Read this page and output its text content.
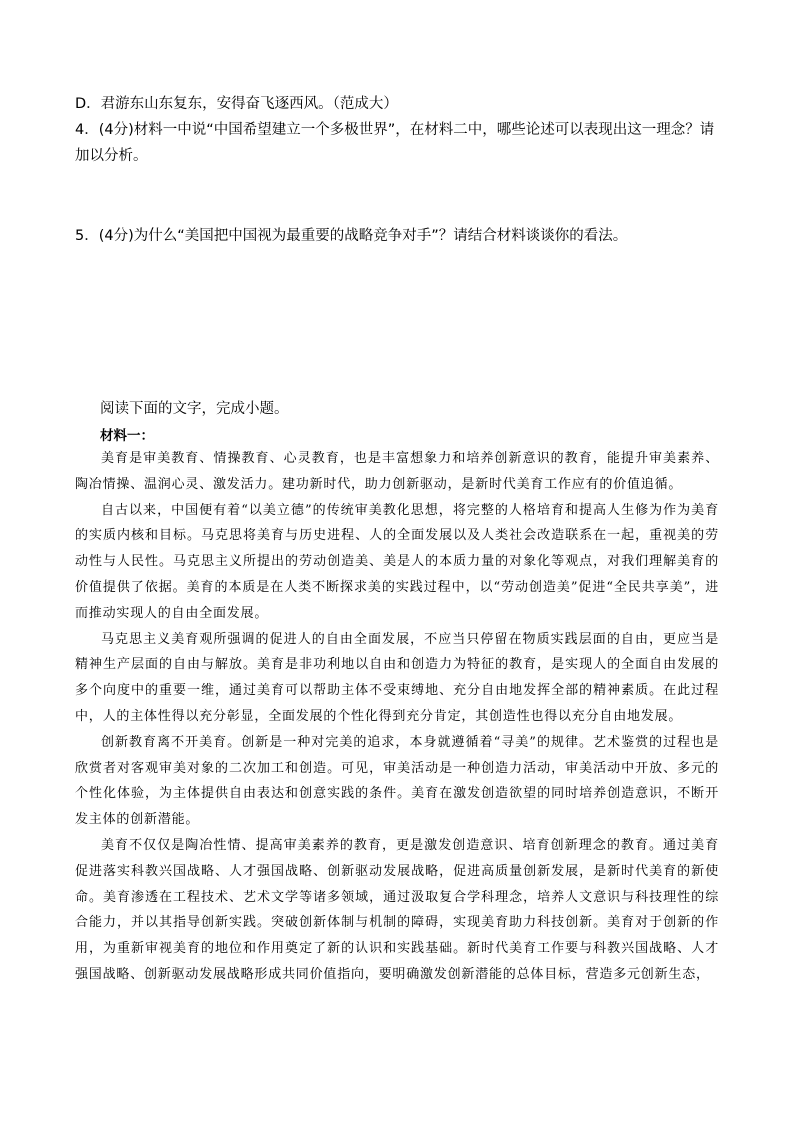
D．君游东山东复东，安得奋飞逐西风。（范成大）

4．(4分)材料一中说“中国希望建立一个多极世界”，在材料二中，哪些论述可以表现出这一理念？请加以分析。

5．(4分)为什么“美国把中国视为最重要的战略竞争对手”？请结合材料谈谈你的看法。

阅读下面的文字，完成小题。

材料一：

美育是审美教育、情操教育、心灵教育，也是丰富想象力和培养创新意识的教育，能提升审美素养、陶冶情操、温润心灵、激发活力。建功新时代，助力创新驱动，是新时代美育工作应有的价值追循。

自古以来，中国便有着“以美立德”的传统审美教化思想，将完整的人格培育和提高人生修为作为美育的实质内核和目标。马克思将美育与历史进程、人的全面发展以及人类社会改造联系在一起，重视美的劳动性与人民性。马克思主义所提出的劳动创造美、美是人的本质力量的对象化等观点，对我们理解美育的价值提供了依据。美育的本质是在人类不断探求美的实践过程中，以“劳动创造美”促进“全民共享美”，进而推动实现人的自由全面发展。

马克思主义美育观所强调的促进人的自由全面发展，不应当只停留在物质实践层面的自由，更应当是精神生产层面的自由与解放。美育是非功利地以自由和创造力为特征的教育，是实现人的全面自由发展的多个向度中的重要一维，通过美育可以帮助主体不受束缚地、充分自由地发挥全部的精神素质。在此过程中，人的主体性得以充分彰显，全面发展的个性化得到充分肯定，其创造性也得以充分自由地发展。

创新教育离不开美育。创新是一种对完美的追求，本身就遵循着“寻美”的规律。艺术鉴赏的过程也是欣赏者对客观审美对象的二次加工和创造。可见，审美活动是一种创造力活动，审美活动中开放、多元的个性化体验，为主体提供自由表达和创意实践的条件。美育在激发创造欲望的同时培养创造意识，不断开发主体的创新潜能。

美育不仅仅是陶冶性情、提高审美素养的教育，更是激发创造意识、培育创新理念的教育。通过美育促进落实科教兴国战略、人才强国战略、创新驱动发展战略，促进高质量创新发展，是新时代美育的新使命。美育渗透在工程技术、艺术文学等诸多领域，通过汲取复合学科理念，培养人文意识与科技理性的综合能力，并以其指导创新实践。突破创新体制与机制的障碍，实现美育助力科技创新。美育对于创新的作用，为重新审视美育的地位和作用奠定了新的认识和实践基础。新时代美育工作要与科教兴国战略、人才强国战略、创新驱动发展战略形成共同价值指向，要明确激发创新潜能的总体目标，营造多元创新生态，
